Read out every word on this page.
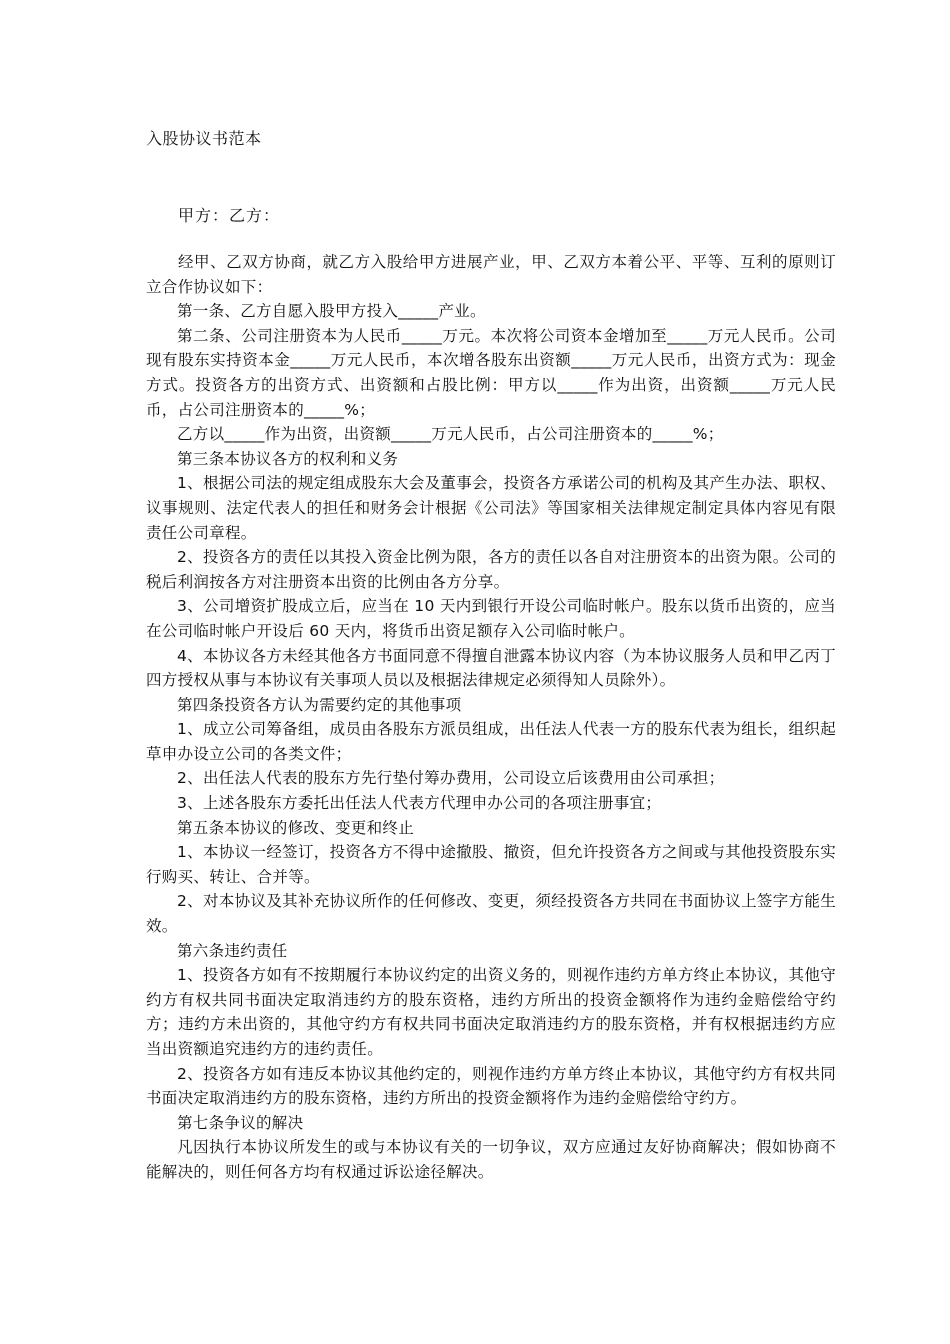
入股协议书范本
甲方：乙方：

经甲、乙双方协商，就乙方入股给甲方进展产业，甲、乙双方本着公平、平等、互利的原则订立合作协议如下：

第一条、乙方自愿入股甲方投入_____产业。

第二条、公司注册资本为人民币_____万元。本次将公司资本金增加至_____万元人民币。公司现有股东实持资本金_____万元人民币，本次增各股东出资额_____万元人民币，出资方式为：现金方式。投资各方的出资方式、出资额和占股比例：甲方以_____作为出资，出资额_____万元人民币，占公司注册资本的_____%；

乙方以_____作为出资，出资额_____万元人民币，占公司注册资本的_____%；

第三条本协议各方的权利和义务

1、根据公司法的规定组成股东大会及董事会，投资各方承诺公司的机构及其产生办法、职权、议事规则、法定代表人的担任和财务会计根据《公司法》等国家相关法律规定制定具体内容见有限责任公司章程。

2、投资各方的责任以其投入资金比例为限，各方的责任以各自对注册资本的出资为限。公司的税后利润按各方对注册资本出资的比例由各方分享。

3、公司增资扩股成立后，应当在 10 天内到银行开设公司临时帐户。股东以货币出资的，应当在公司临时帐户开设后 60 天内，将货币出资足额存入公司临时帐户。

4、本协议各方未经其他各方书面同意不得擅自泄露本协议内容（为本协议服务人员和甲乙丙丁四方授权从事与本协议有关事项人员以及根据法律规定必须得知人员除外）。

第四条投资各方认为需要约定的其他事项

1、成立公司筹备组，成员由各股东方派员组成，出任法人代表一方的股东代表为组长，组织起草申办设立公司的各类文件；

2、出任法人代表的股东方先行垫付筹办费用，公司设立后该费用由公司承担；

3、上述各股东方委托出任法人代表方代理申办公司的各项注册事宜；

第五条本协议的修改、变更和终止

1、本协议一经签订，投资各方不得中途撤股、撤资，但允许投资各方之间或与其他投资股东实行购买、转让、合并等。

2、对本协议及其补充协议所作的任何修改、变更，须经投资各方共同在书面协议上签字方能生效。

第六条违约责任

1、投资各方如有不按期履行本协议约定的出资义务的，则视作违约方单方终止本协议，其他守约方有权共同书面决定取消违约方的股东资格，违约方所出的投资金额将作为违约金赔偿给守约方；违约方未出资的，其他守约方有权共同书面决定取消违约方的股东资格，并有权根据违约方应当出资额追究违约方的违约责任。

2、投资各方如有违反本协议其他约定的，则视作违约方单方终止本协议，其他守约方有权共同书面决定取消违约方的股东资格，违约方所出的投资金额将作为违约金赔偿给守约方。

第七条争议的解决

凡因执行本协议所发生的或与本协议有关的一切争议，双方应通过友好协商解决；假如协商不能解决的，则任何各方均有权通过诉讼途径解决。
